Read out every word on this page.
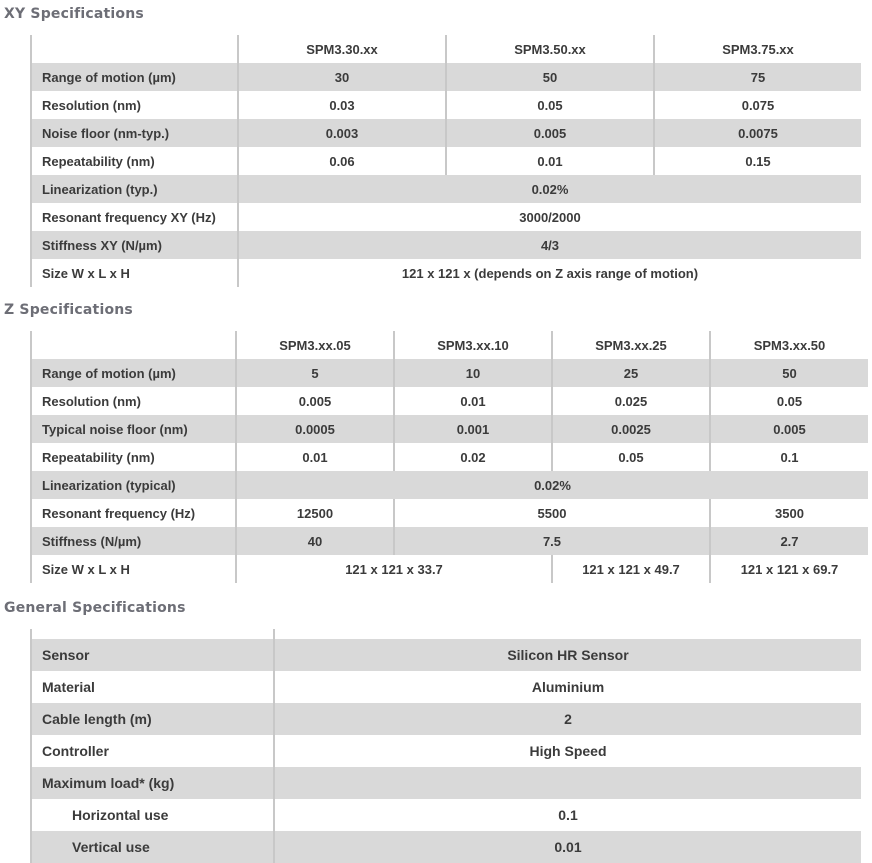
XY Specifications
	SPM3.30.xx	SPM3.50.xx	SPM3.75.xx
Range of motion (µm)	30	50	75
Resolution (nm)	0.03	0.05	0.075
Noise floor (nm-typ.)	0.003	0.005	0.0075
Repeatability (nm)	0.06	0.01	0.15
Linearization (typ.)	0.02%		
Resonant frequency XY (Hz)	3000/2000		
Stiffness XY (N/µm)	4/3		
Size W x L x H	121 x 121 x (depends on Z axis range of motion)		
Z Specifications
	SPM3.xx.05	SPM3.xx.10	SPM3.xx.25	SPM3.xx.50
Range of motion (µm)	5	10	25	50
Resolution (nm)	0.005	0.01	0.025	0.05
Typical noise floor (nm)	0.0005	0.001	0.0025	0.005
Repeatability (nm)	0.01	0.02	0.05	0.1
Linearization (typical)	0.02%			
Resonant frequency (Hz)	12500	5500		3500
Stiffness (N/µm)	40	7.5		2.7
Size W x L x H	121 x 121 x 33.7		121 x 121 x 49.7	121 x 121 x 69.7
General Specifications

Sensor	Silicon HR Sensor
Material	Aluminium
Cable length (m)	2
Controller	High Speed
Maximum load* (kg)	
Horizontal use	0.1
Vertical use	0.01
